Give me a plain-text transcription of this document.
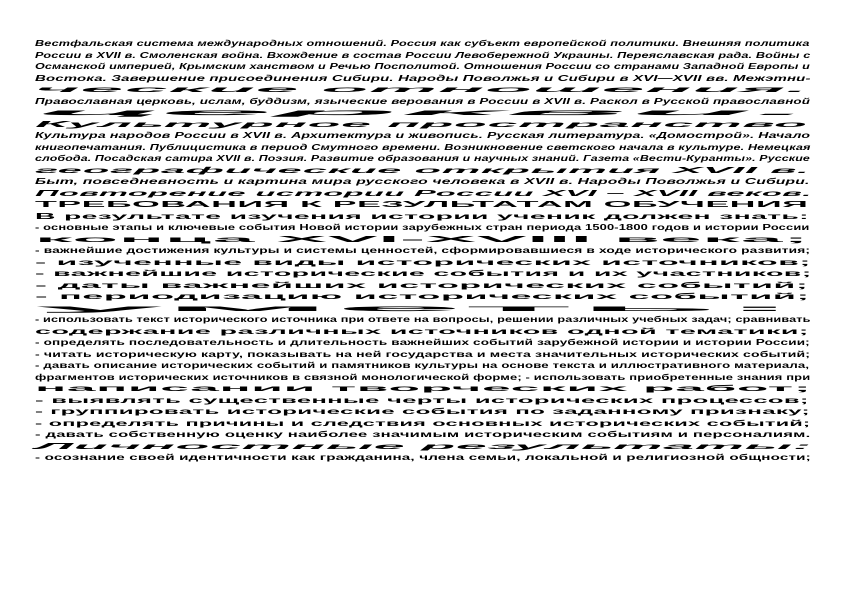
Вестфальская система международных отношений. Россия как субъект европейской политики. Внешняя политика
России в XVII в. Смоленская война. Вхождение в состав России Левобережной Украины. Переяславская рада. Войны с
Османской империей, Крымским ханством и Речью Посполитой. Отношения России со странами Западной Европы и
Востока. Завершение присоединения Сибири. Народы Поволжья и Сибири в XVI—XVII вв. Межэтни-
ческие отношения.
Православная церковь, ислам, буддизм, языческие верования в России в XVII в. Раскол в Русской православной
церкви.
Культурное пространство
Культура народов России в XVII в. Архитектура и живопись. Русская литература. «Домострой». Начало
книгопечатания. Публицистика в период Смутного времени. Возникновение светского начала в культуре. Немецкая
слобода. Посадская сатира XVII в. Поэзия. Развитие образования и научных знаний. Газета «Вести-Куранты». Русские
географические открытия XVII в.
Быт, повседневность и картина мира русского человека в XVII в. Народы Поволжья и Сибири.
Повторение истории России XVI – XVII веков.
ТРЕБОВАНИЯ К РЕЗУЛЬТАТАМ ОБУЧЕНИЯ
В результате изучения истории ученик должен знать:
- основные этапы и ключевые события Новой истории зарубежных стран периода 1500-1800 годов и истории России
конца XVI-XVIII века;
- важнейшие достижения культуры и системы ценностей, сформировавшиеся в ходе исторического развития;
- изученные виды исторических источников;
- важнейшие исторические события и их участников;
- даты важнейших исторических событий;
- периодизацию исторических событий;
уметь:
- использовать текст исторического источника при ответе на вопросы, решении различных учебных задач; сравнивать
содержание различных источников одной тематики;
- определять последовательность и длительность важнейших событий зарубежной истории и истории России;
- читать историческую карту, показывать на ней государства и места значительных исторических событий;
- давать описание исторических событий и памятников культуры на основе текста и иллюстративного материала,
фрагментов исторических источников в связной монологической форме; - использовать приобретенные знания при
написании творческих работ;
- выявлять существенные черты исторических процессов;
- группировать исторические события по заданному признаку;
- определять причины и следствия основных исторических событий;
- давать собственную оценку наиболее значимым историческим событиям и персоналиям.
Личностные результаты:
- осознание своей идентичности как гражданина, члена семьи, локальной и религиозной общности;
